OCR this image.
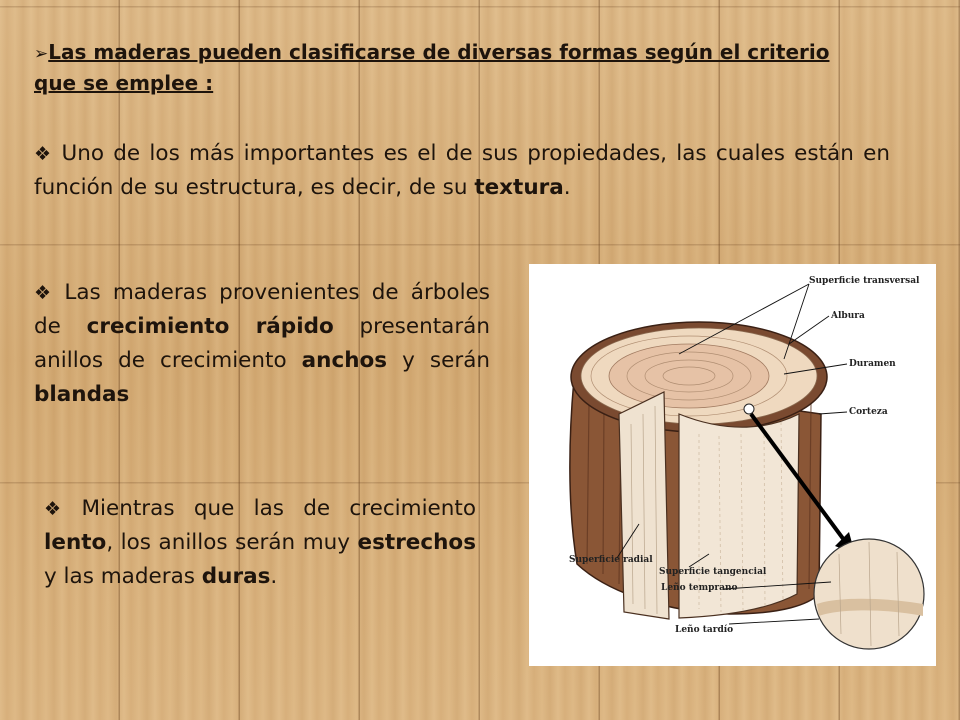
➢Las maderas pueden clasificarse de diversas formas según el criterio que se emplee :
❖ Uno de los más importantes es el de sus propiedades, las cuales están en función de su estructura, es decir, de su textura.
❖ Las maderas provenientes de árboles de crecimiento rápido presentarán anillos de crecimiento anchos y serán blandas
❖ Mientras que las de crecimiento lento, los anillos serán muy estrechos y las maderas duras.
Superficie transversal
Albura
Duramen
Corteza
Superficie radial
Superficie tangencial
Leño temprano
Leño tardío
